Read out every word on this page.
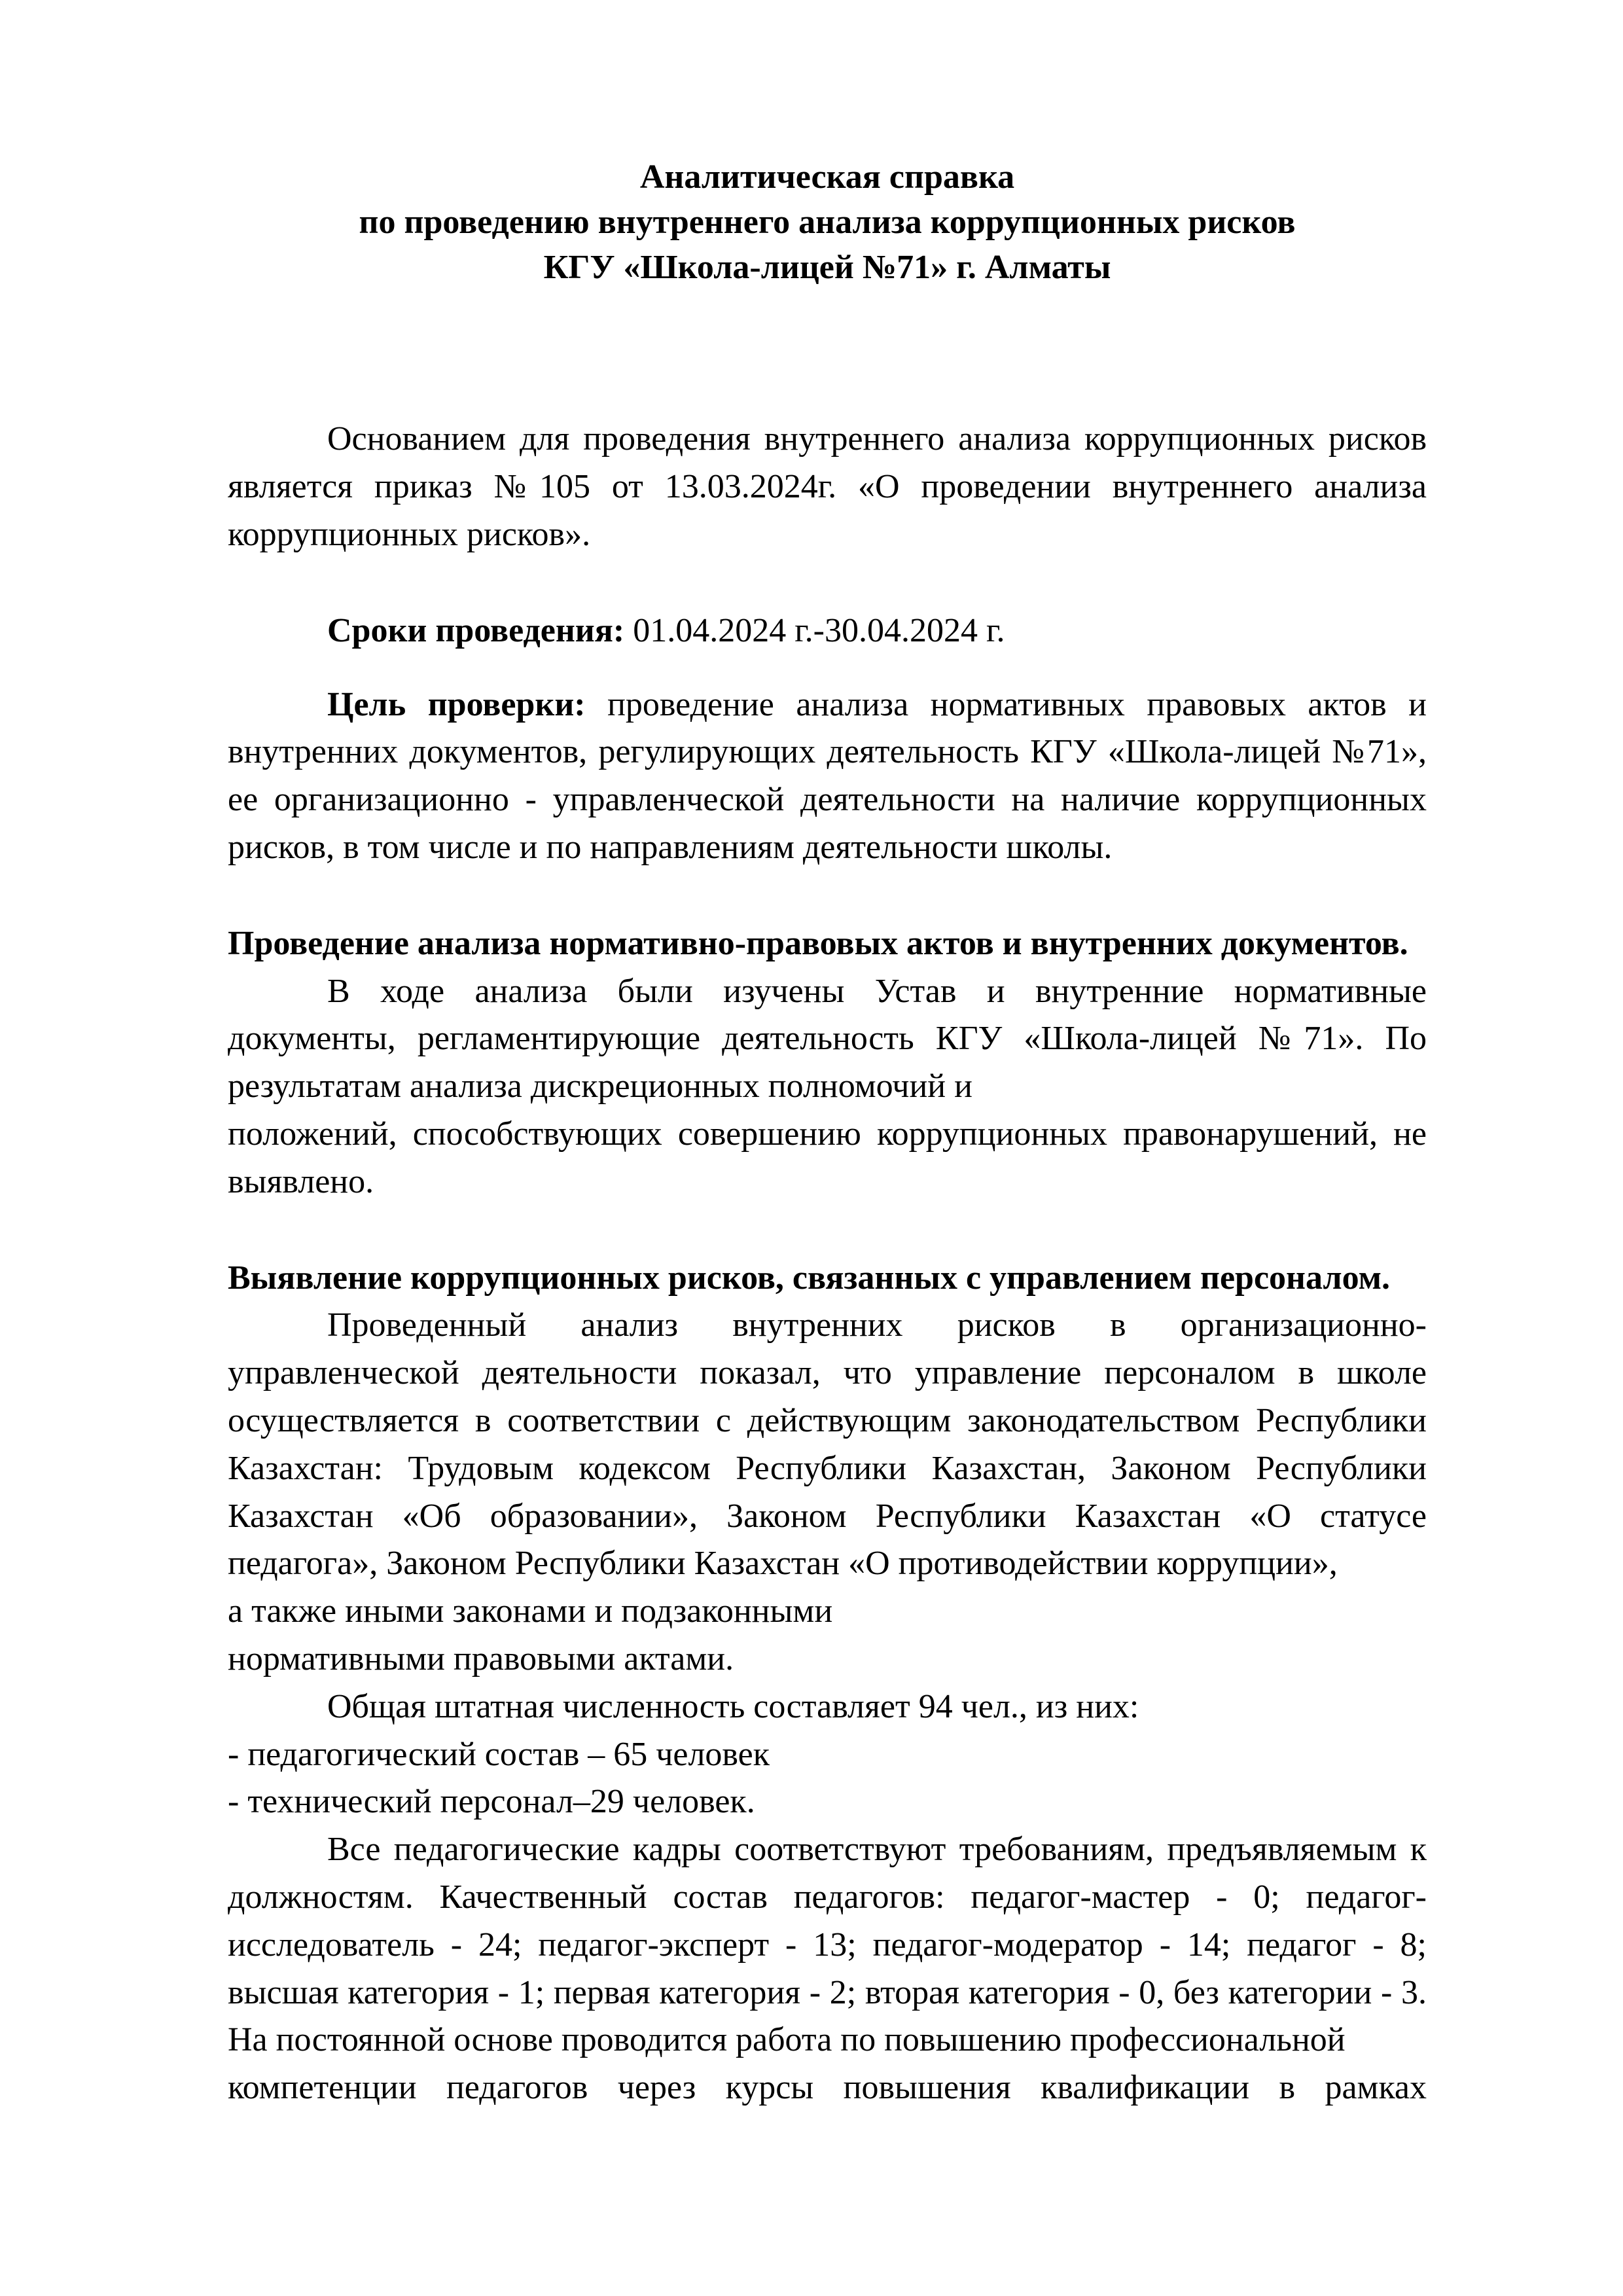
Аналитическая справка
по проведению внутреннего анализа коррупционных рисков
КГУ «Школа-лицей №71» г. Алматы

Основанием для проведения внутреннего анализа коррупционных рисков является приказ №105 от 13.03.2024г. «О проведении внутреннего анализа коррупционных рисков».

Сроки проведения: 01.04.2024 г.-30.04.2024 г.

Цель проверки: проведение анализа нормативных правовых актов и внутренних документов, регулирующих деятельность КГУ «Школа-лицей №71», ее организационно - управленческой деятельности на наличие коррупционных рисков, в том числе и по направлениям деятельности школы.

Проведение анализа нормативно-правовых актов и внутренних документов.

В ходе анализа были изучены Устав и внутренние нормативные документы, регламентирующие деятельность КГУ «Школа-лицей №71». По результатам анализа дискреционных полномочий и

положений, способствующих совершению коррупционных правонарушений, не выявлено.

Выявление коррупционных рисков, связанных с управлением персоналом.

Проведенный анализ внутренних рисков в организационно-управленческой деятельности показал, что управление персоналом в школе осуществляется в соответствии с действующим законодательством Республики Казахстан: Трудовым кодексом Республики Казахстан, Законом Республики Казахстан «Об образовании», Законом Республики Казахстан «О статусе педагога», Законом Республики Казахстан «О противодействии коррупции»,

а также иными законами и подзаконными

нормативными правовыми актами.

Общая штатная численность составляет 94 чел., из них:

- педагогический состав – 65 человек

- технический персонал–29 человек.

Все педагогические кадры соответствуют требованиям, предъявляемым к должностям. Качественный состав педагогов: педагог-мастер - 0; педагог-исследователь - 24; педагог-эксперт - 13; педагог-модератор - 14; педагог - 8; высшая категория - 1; первая категория - 2; вторая категория - 0, без категории - 3. На постоянной основе проводится работа по повышению профессиональной

компетенции педагогов через курсы повышения квалификации в рамках
